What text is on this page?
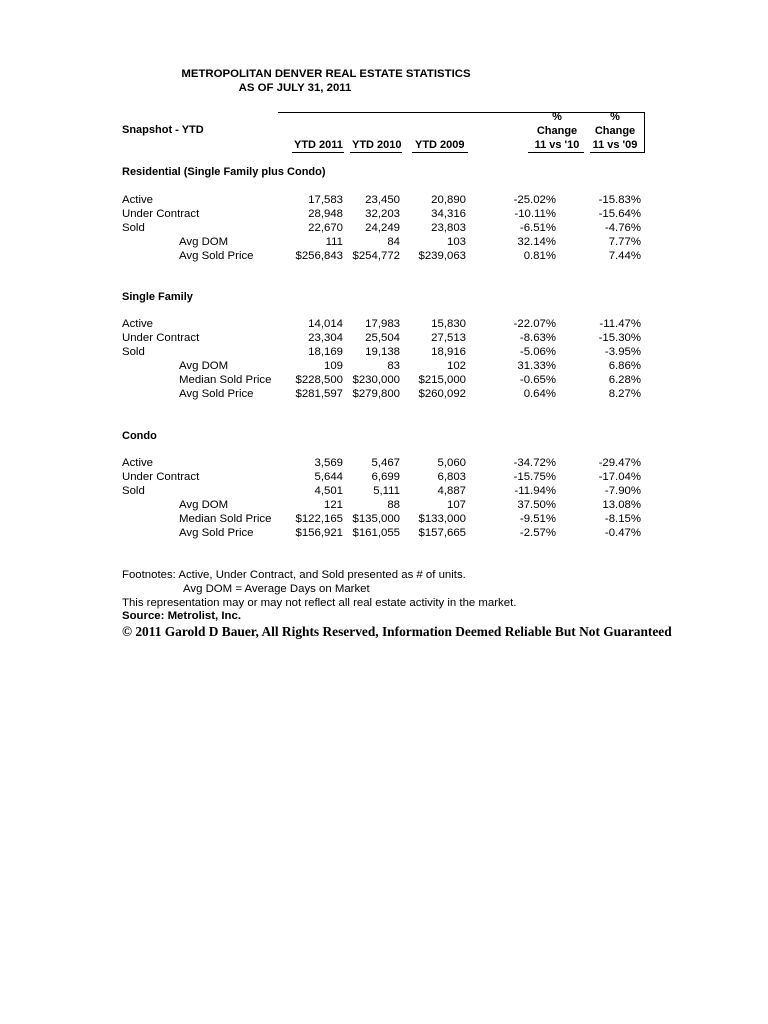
METROPOLITAN DENVER REAL ESTATE STATISTICS
AS OF JULY 31, 2011
Snapshot - YTD
YTD 2011 YTD 2010 YTD 2009
%
Change
11 vs '10
%
Change
11 vs '09
Residential (Single Family plus Condo)
Single Family
Condo
Footnotes: Active, Under Contract, and Sold presented as # of units.
Avg DOM = Average Days on Market
This representation may or may not reflect all real estate activity in the market.
Source: Metrolist, Inc.
© 2011 Garold D Bauer, All Rights Reserved, Information Deemed Reliable But Not Guaranteed
Active	17,583 23,450	20,890	-25.02%	-15.83%
Under Contract	28,948 32,203	34,316	-10.11%	-15.64%
Sold	22,670 24,249	23,803	-6.51%	-4.76%
Avg DOM	111	84	103	32.14%	7.77%
Avg Sold Price	$256,843 $254,772 $239,063	0.81%	7.44%
Active	14,014 17,983	15,830	-22.07%	-11.47%
Under Contract	23,304 25,504	27,513	-8.63%	-15.30%
Sold	18,169 19,138	18,916	-5.06%	-3.95%
Avg DOM	109	83	102	31.33%	6.86%
Median Sold Price $228,500 $230,000 $215,000	-0.65%	6.28%
Avg Sold Price	$281,597 $279,800 $260,092	0.64%	8.27%
Active	3,569 5,467	5,060	-34.72%	-29.47%
Under Contract	5,644 6,699	6,803	-15.75%	-17.04%
Sold	4,501	5,111	4,887	-11.94%	-7.90%
Avg DOM	121	88	107	37.50%	13.08%
Median Sold Price $122,165 $135,000 $133,000	-9.51%	-8.15%
Avg Sold Price	$156,921 $161,055 $157,665	-2.57%	-0.47%
